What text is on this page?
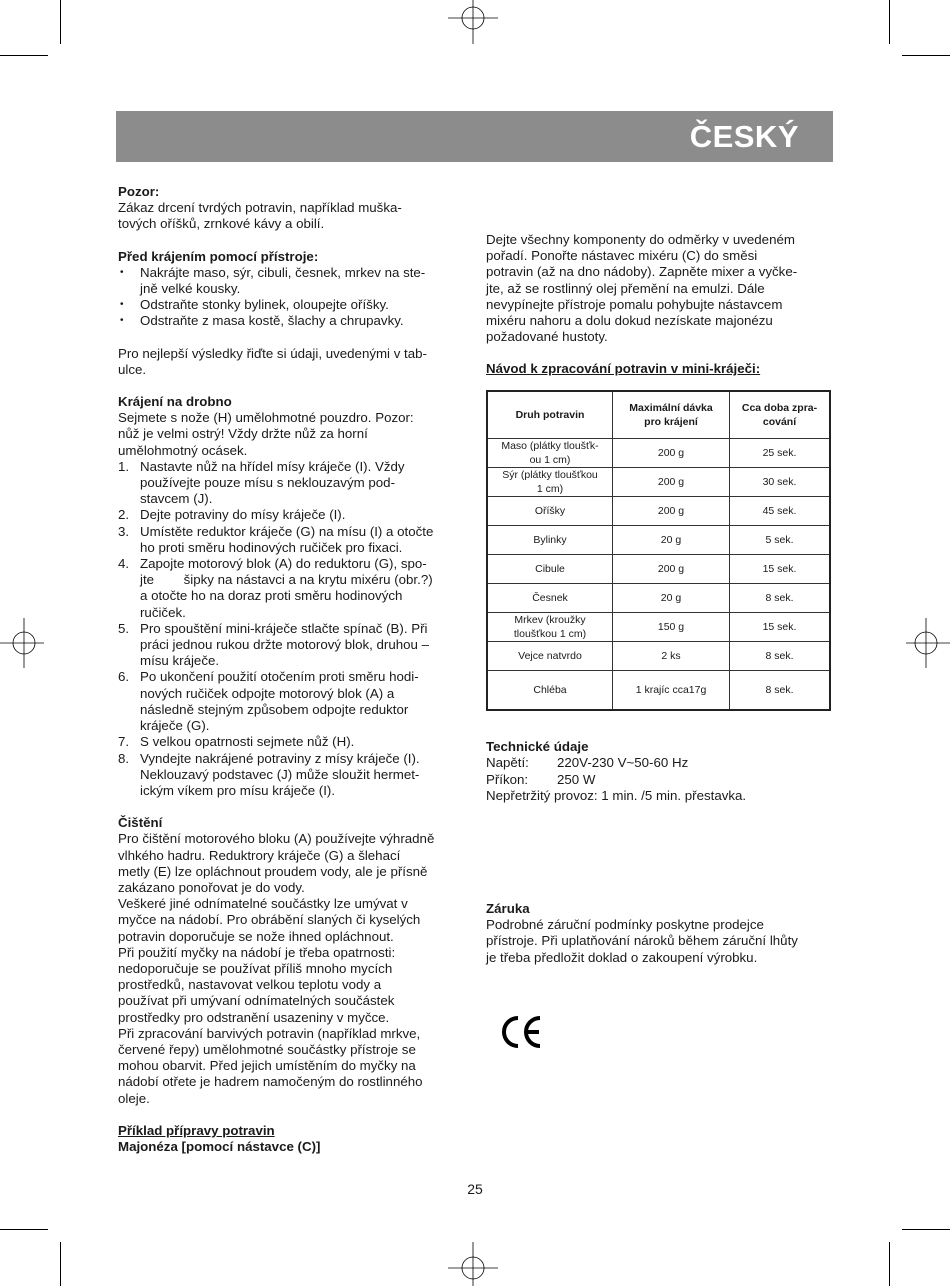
ČESKÝ

Pozor:

Zákaz drcení tvrdých potravin, například muška-
tových oříšků, zrnkové kávy a obilí.

Před krájením pomocí přístroje:

• Nakrájte maso, sýr, cibuli, česnek, mrkev na ste-
jně velké kousky.
• Odstraňte stonky bylinek, oloupejte oříšky.
• Odstraňte z masa kostě, šlachy a chrupavky.

Pro nejlepší výsledky řiďte si údaji, uvedenými v tab-
ulce.

Krájení na drobno

Sejmete s nože (H) umělohmotné pouzdro. Pozor:
nůž je velmi ostrý! Vždy držte nůž za horní
umělohmotný ocásek.

1. Nastavte nůž na hřídel mísy kráječe (I). Vždy
používejte pouze mísu s neklouzavým pod-
stavcem (J).
2. Dejte potraviny do mísy kráječe (I).
3. Umístěte reduktor kráječe (G) na mísu (I) a otočte
ho proti směru hodinových ručiček pro fixaci.
4. Zapojte motorový blok (A) do reduktoru (G), spo-
jte        šipky na nástavci a na krytu mixéru (obr.?)
a otočte ho na doraz proti směru hodinových
ručiček.
5. Pro spouštění mini-kráječe stlačte spínač (B). Při
práci jednou rukou držte motorový blok, druhou –
mísu kráječe.
6. Po ukončení použití otočením proti směru hodi-
nových ručiček odpojte motorový blok (A) a
následně stejným způsobem odpojte reduktor
kráječe (G).
7. S velkou opatrnosti sejmete nůž (H).
8. Vyndejte nakrájené potraviny z mísy kráječe (I).
Neklouzavý podstavec (J) může sloužit hermet-
ickým víkem pro mísu kráječe (I).

Čištění

Pro čištění motorového bloku (A) používejte výhradně
vlhkého hadru. Reduktrory kráječe (G) a šlehací
metly (E) lze opláchnout proudem vody, ale je přísně
zakázano ponořovat je do vody.
Veškeré jiné odnímatelné součástky lze umývat v
myčce na nádobí. Pro obrábění slaných či kyselých
potravin doporučuje se nože ihned opláchnout.
Při použití myčky na nádobí je třeba opatrnosti:
nedoporučuje se používat příliš mnoho mycích
prostředků, nastavovat velkou teplotu vody a
používat při umývaní odnímatelných součástek
prostředky pro odstranění usazeniny v myčce.
Při zpracování barvivých potravin (například mrkve,
červené řepy) umělohmotné součástky přístroje se
mohou obarvit. Před jejich umístěním do myčky na
nádobí otřete je hadrem namočeným do rostlinného
oleje.

Příklad přípravy potravin

Majonéza [pomocí nástavce (C)]

Dejte všechny komponenty do odměrky v uvedeném
pořadí. Ponořte nástavec mixéru (C) do směsi
potravin (až na dno nádoby). Zapněte mixer a vyčke-
jte, až se rostlinný olej přemění na emulzi. Dále
nevypínejte přístroje pomalu pohybujte nástavcem
mixéru nahoru a dolu dokud nezískate majonézu
požadované hustoty.

Návod k zpracování potravin v mini-kráječi:

Druh potravin	Maximální dávka
pro krájení	Cca doba zpra-
cování
Maso (plátky tloušťk-
ou 1 cm)	200 g	25 sek.
Sýr (plátky tloušťkou
1 cm)	200 g	30 sek.
Oříšky	200 g	45 sek.
Bylinky	20 g	5 sek.
Cibule	200 g	15 sek.
Česnek	20 g	8 sek.
Mrkev (kroužky
tloušťkou 1 cm)	150 g	15 sek.
Vejce natvrdo	2 ks	8 sek.
Chléba	1 krajíc cca17g	8 sek.

Technické údaje

Napětí:	220V-230 V~50-60 Hz
Příkon:	250 W

Nepřetržitý provoz: 1 min. /5 min. přestavka.

Záruka

Podrobné záruční podmínky poskytne prodejce
přístroje. Při uplatňování nároků během záruční lhůty
je třeba předložit doklad o zakoupení výrobku.

25
